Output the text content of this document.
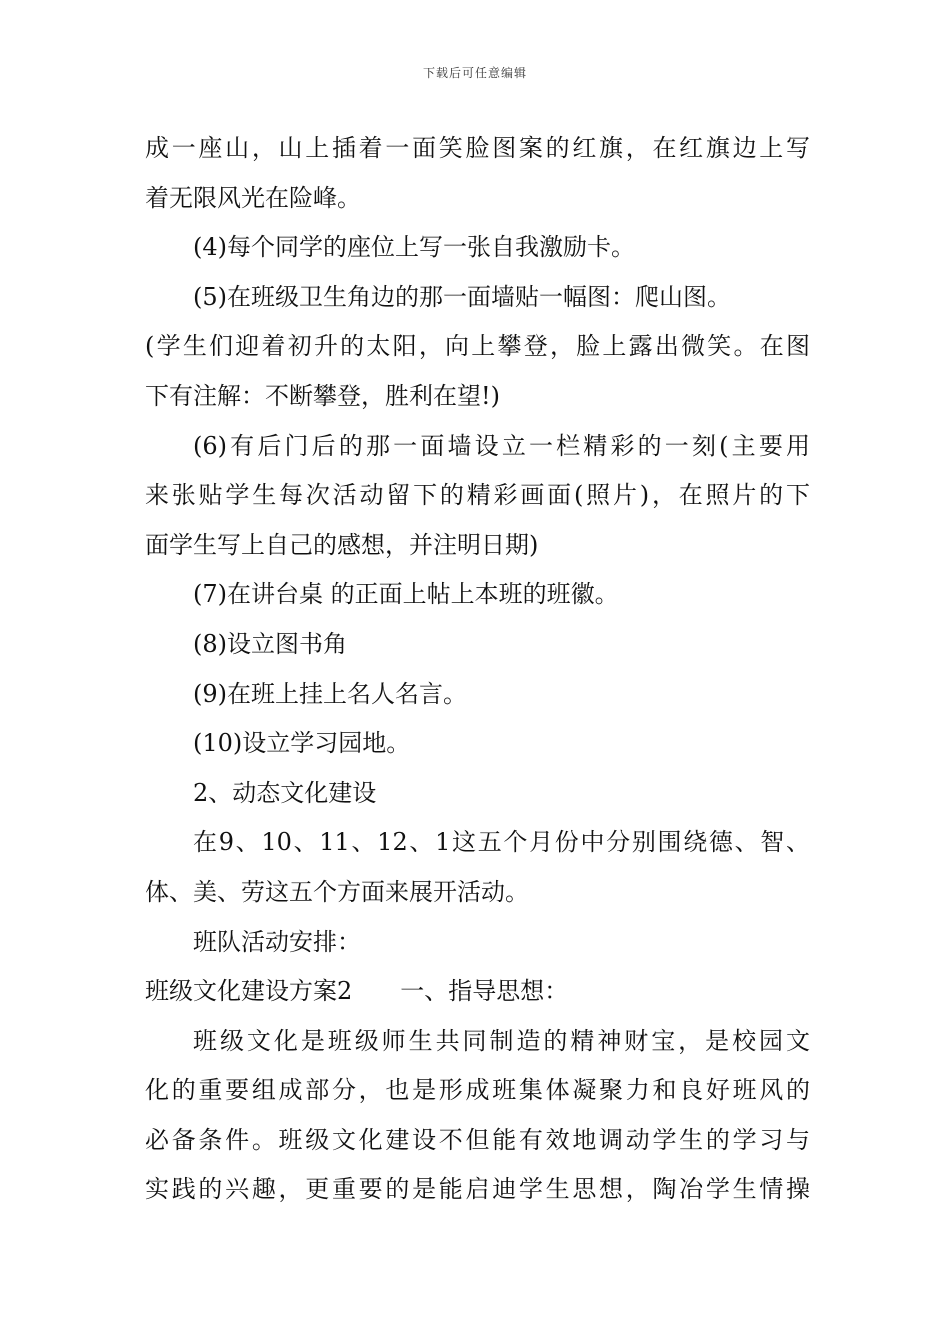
下载后可任意编辑
成一座山，山上插着一面笑脸图案的红旗，在红旗边上写
着无限风光在险峰。
(4)每个同学的座位上写一张自我激励卡。
(5)在班级卫生角边的那一面墙贴一幅图：爬山图。
(学生们迎着初升的太阳，向上攀登，脸上露出微笑。在图
下有注解：不断攀登，胜利在望!)
(6)有后门后的那一面墙设立一栏精彩的一刻(主要用
来张贴学生每次活动留下的精彩画面(照片)，在照片的下
面学生写上自己的感想，并注明日期)
(7)在讲台桌 的正面上帖上本班的班徽。
(8)设立图书角
(9)在班上挂上名人名言。
(10)设立学习园地。
2、动态文化建设
在9、10、11、12、1这五个月份中分别围绕德、智、
体、美、劳这五个方面来展开活动。
班队活动安排：
班级文化建设方案2 一、指导思想：
班级文化是班级师生共同制造的精神财宝，是校园文
化的重要组成部分，也是形成班集体凝聚力和良好班风的
必备条件。班级文化建设不但能有效地调动学生的学习与
实践的兴趣，更重要的是能启迪学生思想，陶冶学生情操
